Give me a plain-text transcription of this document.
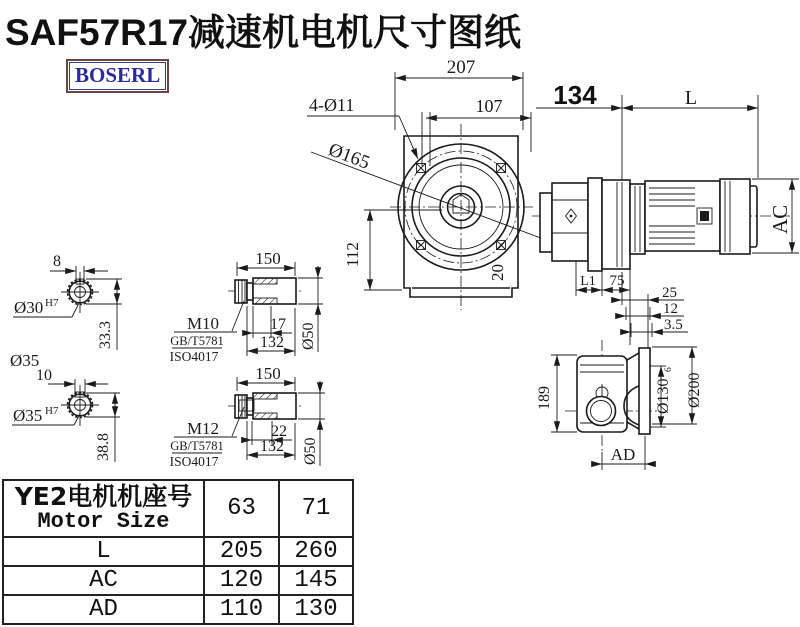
SAF57R17减速机电机尺寸图纸
BOSERL	207
107
4-Ø11
Ø165
112
20
134	L
AC
L1 75
25
12
3.5
189	Ø130
6
Ø200
AD
8
Ø30 H7
33.3
Ø35
10
Ø35 H7
38.8
150
M10
GB/T5781
ISO4017
17
132 Ø50
150
M12
GB/T5781
ISO4017
22
132 Ø50
YE2电机机座号
Motor Size	63	71
L	205	260
AC	120	145
AD	110	130
